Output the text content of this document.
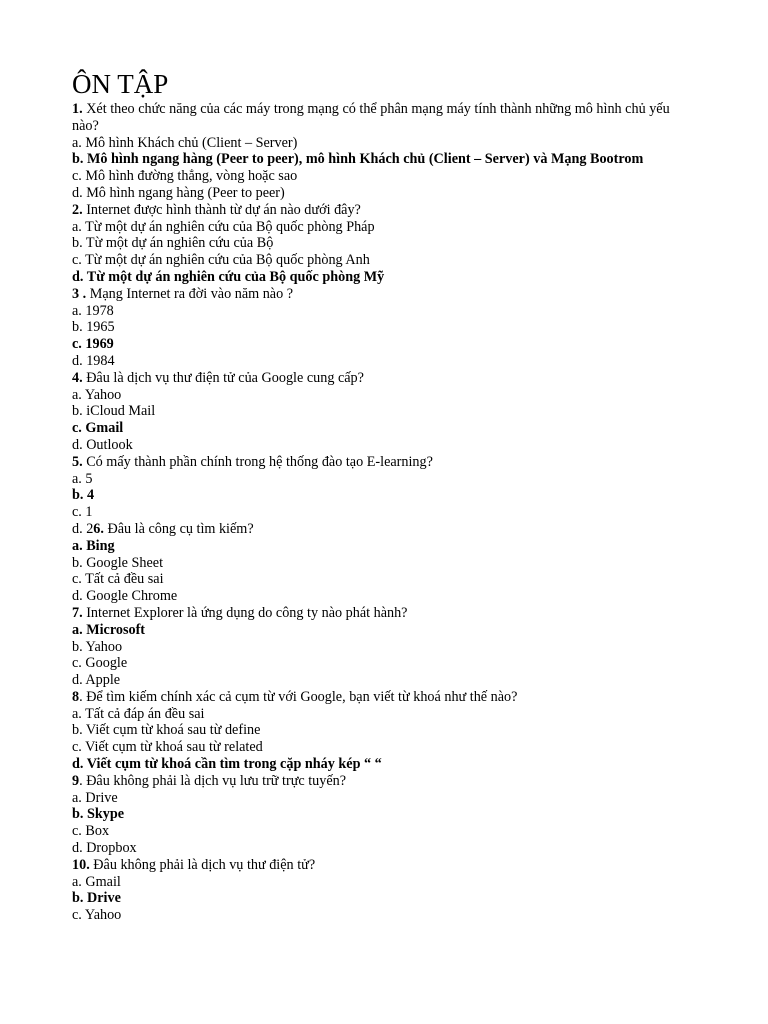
ÔN TẬP

1. Xét theo chức năng của các máy trong mạng có thể phân mạng máy tính thành những mô hình chủ yếu nào?

a. Mô hình Khách chủ (Client – Server)

b. Mô hình ngang hàng (Peer to peer), mô hình Khách chủ (Client – Server) và Mạng Bootrom

c. Mô hình đường thẳng, vòng hoặc sao

d. Mô hình ngang hàng (Peer to peer)

2. Internet được hình thành từ dự án nào dưới đây?

a. Từ một dự án nghiên cứu của Bộ quốc phòng Pháp

b. Từ một dự án nghiên cứu của Bộ

c. Từ một dự án nghiên cứu của Bộ quốc phòng Anh

d. Từ một dự án nghiên cứu của Bộ quốc phòng Mỹ

3 . Mạng Internet ra đời vào năm nào ?

a. 1978

b. 1965

c. 1969

d. 1984

4. Đâu là dịch vụ thư điện tử của Google cung cấp?

a. Yahoo

b. iCloud Mail

c. Gmail

d. Outlook

5. Có mấy thành phần chính trong hệ thống đào tạo E-learning?

a. 5

b. 4

c. 1

d. 26. Đâu là công cụ tìm kiếm?

a. Bing

b. Google Sheet

c. Tất cả đều sai

d. Google Chrome

7. Internet Explorer là ứng dụng do công ty nào phát hành?

a. Microsoft

b. Yahoo

c. Google

d. Apple

8. Để tìm kiếm chính xác cả cụm từ với Google, bạn viết từ khoá như thế nào?

a. Tất cả đáp án đều sai

b. Viết cụm từ khoá sau từ define

c. Viết cụm từ khoá sau từ related

d. Viết cụm từ khoá cần tìm trong cặp nháy kép “ “

9. Đâu không phải là dịch vụ lưu trữ trực tuyến?

a. Drive

b. Skype

c. Box

d. Dropbox

10. Đâu không phải là dịch vụ thư điện tử?

a. Gmail

b. Drive

c. Yahoo
